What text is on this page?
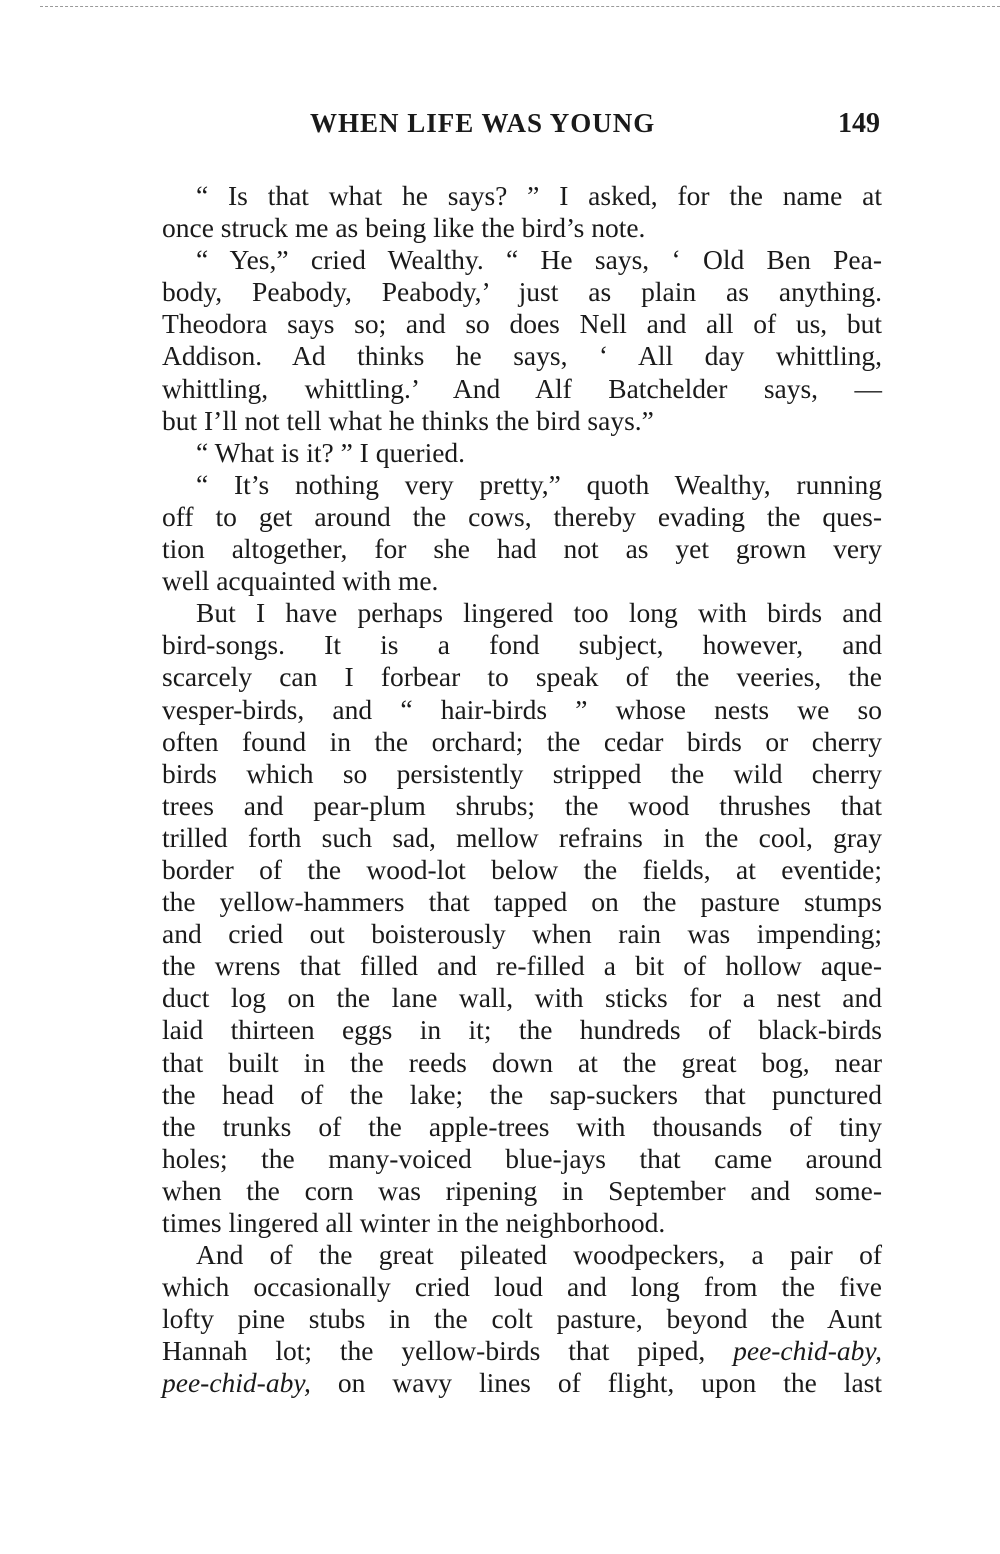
WHEN LIFE WAS YOUNG	149
“ Is that what he says? ” I asked, for the name at
once struck me as being like the bird’s note.
“ Yes,” cried Wealthy. “ He says, ‘ Old Ben Pea-
body, Peabody, Peabody,’ just as plain as anything.
Theodora says so; and so does Nell and all of us, but
Addison. Ad thinks he says, ‘ All day whittling,
whittling, whittling.’ And Alf Batchelder says, —
but I’ll not tell what he thinks the bird says.”
“ What is it? ” I queried.
“ It’s nothing very pretty,” quoth Wealthy, running
off to get around the cows, thereby evading the ques-
tion altogether, for she had not as yet grown very
well acquainted with me.
But I have perhaps lingered too long with birds and
bird-songs. It is a fond subject, however, and
scarcely can I forbear to speak of the veeries, the
vesper-birds, and “ hair-birds ” whose nests we so
often found in the orchard; the cedar birds or cherry
birds which so persistently stripped the wild cherry
trees and pear-plum shrubs; the wood thrushes that
trilled forth such sad, mellow refrains in the cool, gray
border of the wood-lot below the fields, at eventide;
the yellow-hammers that tapped on the pasture stumps
and cried out boisterously when rain was impending;
the wrens that filled and re-filled a bit of hollow aque-
duct log on the lane wall, with sticks for a nest and
laid thirteen eggs in it; the hundreds of black-birds
that built in the reeds down at the great bog, near
the head of the lake; the sap-suckers that punctured
the trunks of the apple-trees with thousands of tiny
holes; the many-voiced blue-jays that came around
when the corn was ripening in September and some-
times lingered all winter in the neighborhood.
And of the great pileated woodpeckers, a pair of
which occasionally cried loud and long from the five
lofty pine stubs in the colt pasture, beyond the Aunt
Hannah lot; the yellow-birds that piped, pee-chid-aby,
pee-chid-aby, on wavy lines of flight, upon the last
